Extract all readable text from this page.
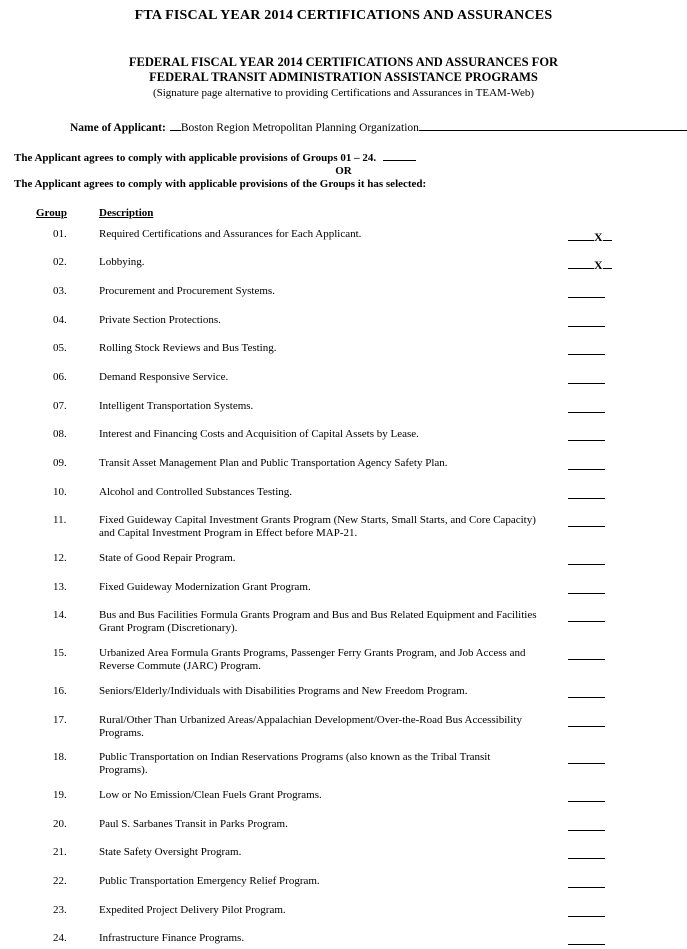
FTA FISCAL YEAR 2014 CERTIFICATIONS AND ASSURANCES
FEDERAL FISCAL YEAR 2014 CERTIFICATIONS AND ASSURANCES FOR
FEDERAL TRANSIT ADMINISTRATION ASSISTANCE PROGRAMS
(Signature page alternative to providing Certifications and Assurances in TEAM-Web)
Name of Applicant: Boston Region Metropolitan Planning Organization
The Applicant agrees to comply with applicable provisions of Groups 01 – 24.
OR
The Applicant agrees to comply with applicable provisions of the Groups it has selected:
Group	Description
01.	Required Certifications and Assurances for Each Applicant.	X
02.	Lobbying.	X
03.	Procurement and Procurement Systems.
04.	Private Section Protections.
05.	Rolling Stock Reviews and Bus Testing.
06.	Demand Responsive Service.
07.	Intelligent Transportation Systems.
08.	Interest and Financing Costs and Acquisition of Capital Assets by Lease.
09.	Transit Asset Management Plan and Public Transportation Agency Safety Plan.
10.	Alcohol and Controlled Substances Testing.
11.	Fixed Guideway Capital Investment Grants Program (New Starts, Small Starts, and Core Capacity) and Capital Investment Program in Effect before MAP-21.
12.	State of Good Repair Program.
13.	Fixed Guideway Modernization Grant Program.
14.	Bus and Bus Facilities Formula Grants Program and Bus and Bus Related Equipment and Facilities Grant Program (Discretionary).
15.	Urbanized Area Formula Grants Programs, Passenger Ferry Grants Program, and Job Access and Reverse Commute (JARC) Program.
16.	Seniors/Elderly/Individuals with Disabilities Programs and New Freedom Program.
17.	Rural/Other Than Urbanized Areas/Appalachian Development/Over-the-Road Bus Accessibility Programs.
18.	Public Transportation on Indian Reservations Programs (also known as the Tribal Transit Programs).
19.	Low or No Emission/Clean Fuels Grant Programs.
20.	Paul S. Sarbanes Transit in Parks Program.
21.	State Safety Oversight Program.
22.	Public Transportation Emergency Relief Program.
23.	Expedited Project Delivery Pilot Program.
24.	Infrastructure Finance Programs.
